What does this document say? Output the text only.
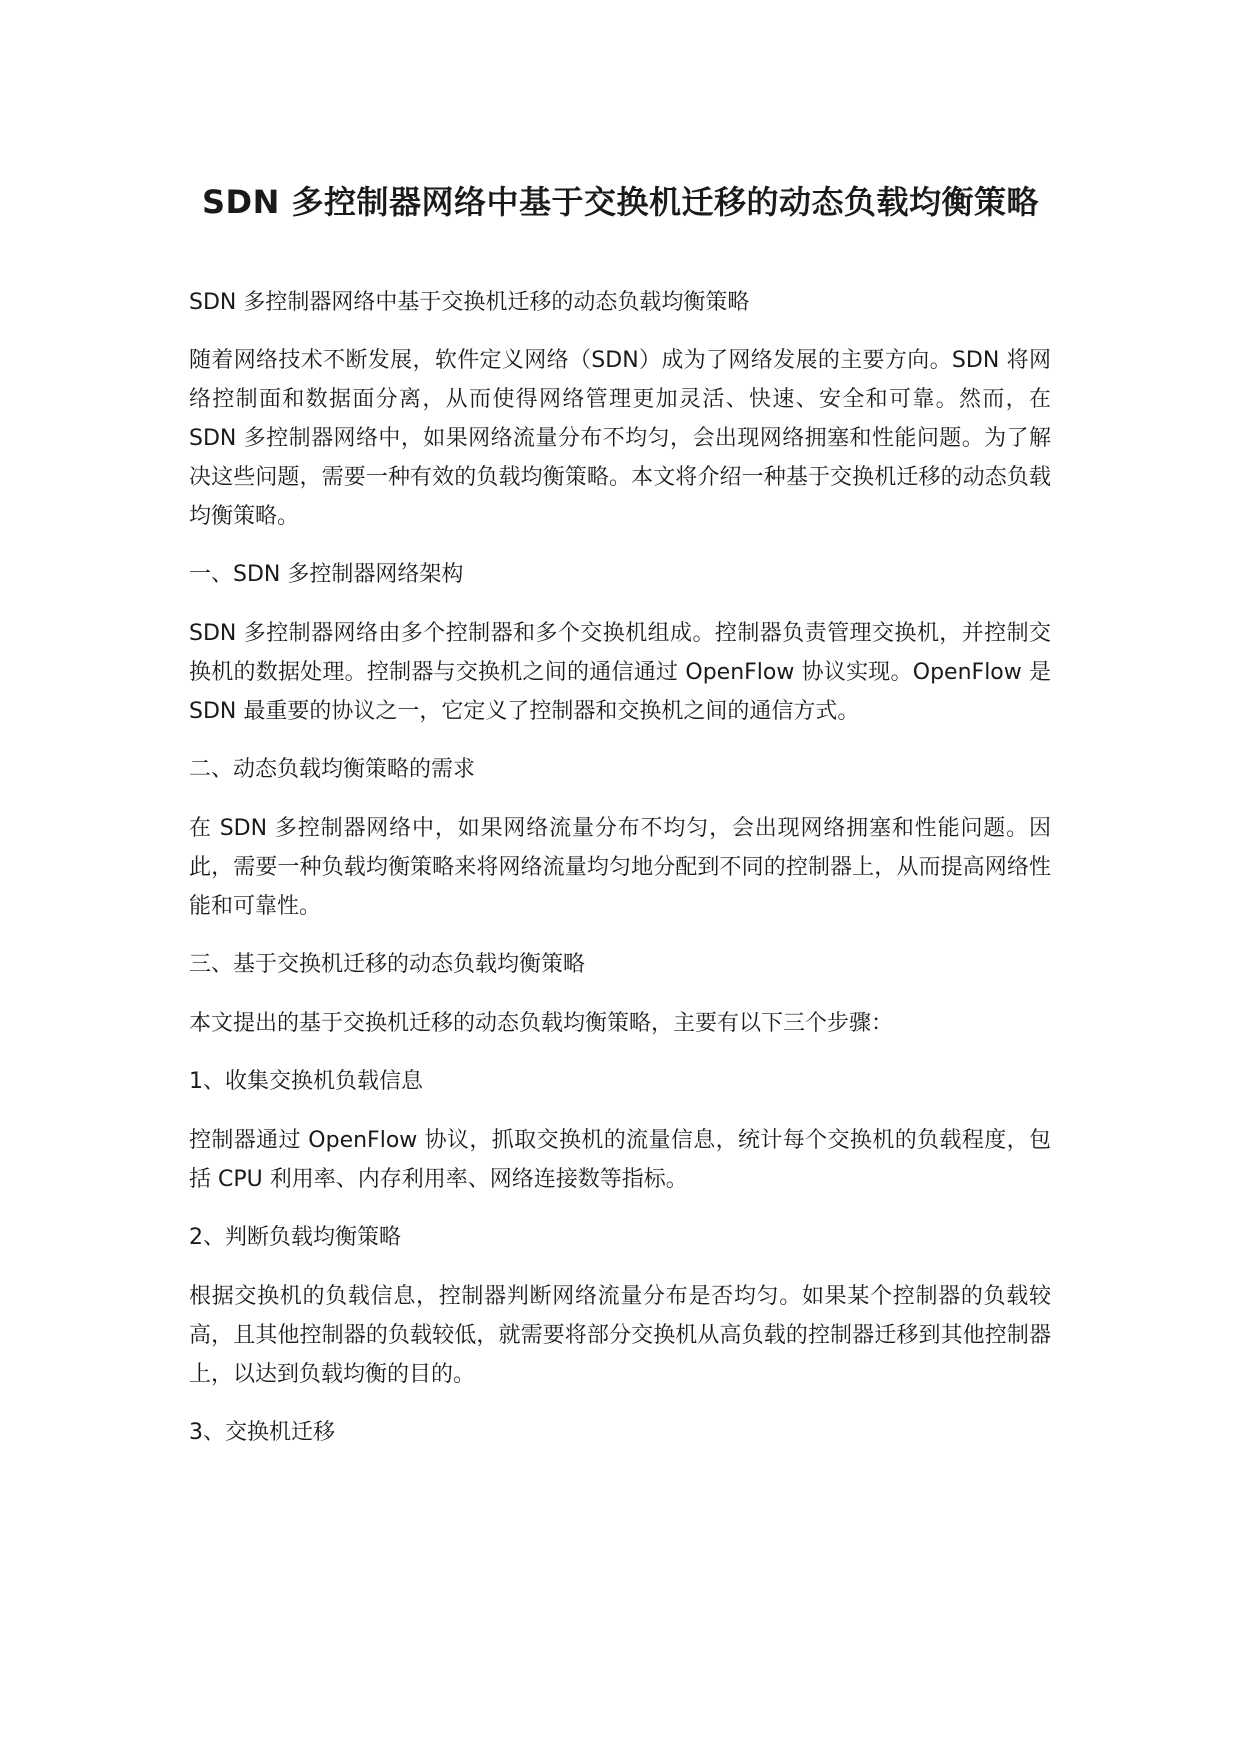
SDN 多控制器网络中基于交换机迁移的动态负载均衡策略

SDN 多控制器网络中基于交换机迁移的动态负载均衡策略

随着网络技术不断发展，软件定义网络（SDN）成为了网络发展的主要方向。SDN 将网络控制面和数据面分离，从而使得网络管理更加灵活、快速、安全和可靠。然而，在 SDN 多控制器网络中，如果网络流量分布不均匀，会出现网络拥塞和性能问题。为了解决这些问题，需要一种有效的负载均衡策略。本文将介绍一种基于交换机迁移的动态负载均衡策略。

一、SDN 多控制器网络架构

SDN 多控制器网络由多个控制器和多个交换机组成。控制器负责管理交换机，并控制交换机的数据处理。控制器与交换机之间的通信通过 OpenFlow 协议实现。OpenFlow 是 SDN 最重要的协议之一，它定义了控制器和交换机之间的通信方式。

二、动态负载均衡策略的需求

在 SDN 多控制器网络中，如果网络流量分布不均匀，会出现网络拥塞和性能问题。因此，需要一种负载均衡策略来将网络流量均匀地分配到不同的控制器上，从而提高网络性能和可靠性。

三、基于交换机迁移的动态负载均衡策略

本文提出的基于交换机迁移的动态负载均衡策略，主要有以下三个步骤：

1、收集交换机负载信息

控制器通过 OpenFlow 协议，抓取交换机的流量信息，统计每个交换机的负载程度，包括 CPU 利用率、内存利用率、网络连接数等指标。

2、判断负载均衡策略

根据交换机的负载信息，控制器判断网络流量分布是否均匀。如果某个控制器的负载较高，且其他控制器的负载较低，就需要将部分交换机从高负载的控制器迁移到其他控制器上，以达到负载均衡的目的。

3、交换机迁移
